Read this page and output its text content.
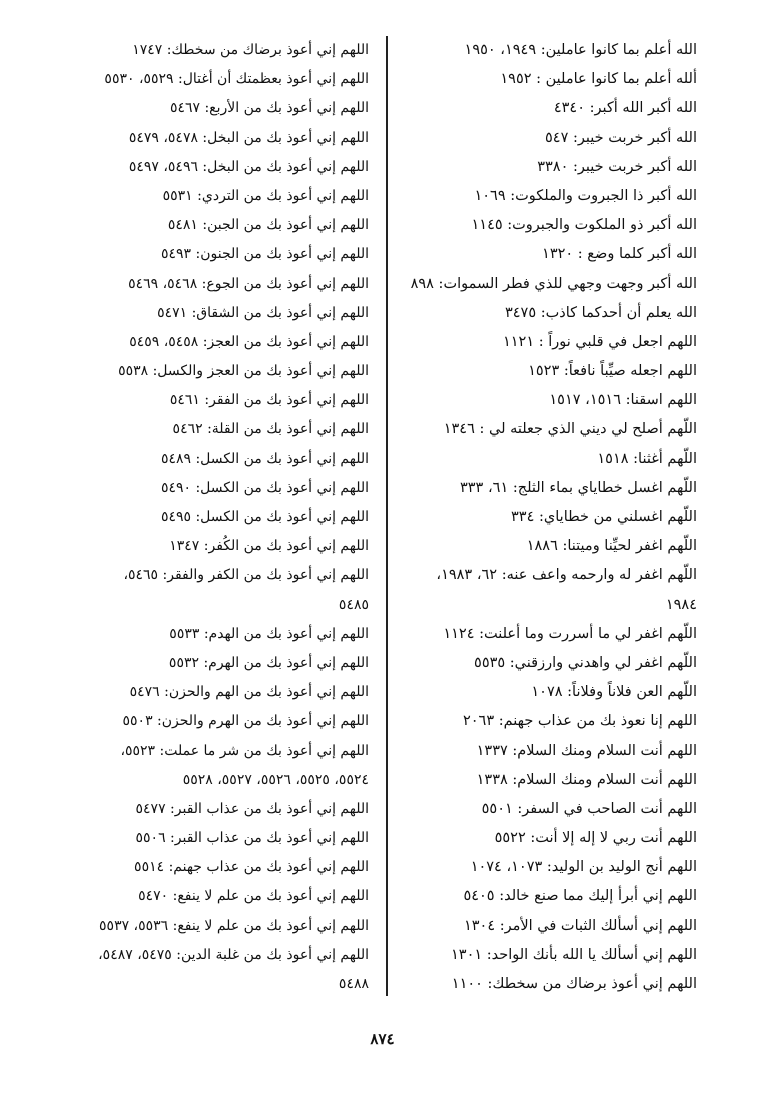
الله أعلم بما كانوا عاملين: ١٩٤٩، ١٩٥٠
ألله أعلم بما كانوا عاملين : ١٩٥٢
الله أكبر الله أكبر: ٤٣٤٠
الله أكبر خربت خيبر: ٥٤٧
الله أكبر خربت خيبر: ٣٣٨٠
الله أكبر ذا الجبروت والملكوت: ١٠٦٩
الله أكبر ذو الملكوت والجبروت: ١١٤٥
الله أكبر كلما وضع : ١٣٢٠
الله أكبر وجهت وجهي للذي فطر السموات: ٨٩٨
الله يعلم أن أحدكما كاذب: ٣٤٧٥
اللهم اجعل في قلبي نوراً : ١١٢١
اللهم اجعله صيِّباً نافعاً: ١٥٢٣
اللهم اسقنا: ١٥١٦، ١٥١٧
اللّهم أصلح لي ديني الذي جعلته لي : ١٣٤٦
اللّهم أغثنا: ١٥١٨
اللّهم اغسل خطاياي بماء الثلج: ٦١، ٣٣٣
اللّهم اغسلني من خطاياي: ٣٣٤
اللّهم اغفر لحيِّنا وميتنا: ١٨٨٦
اللّهم اغفر له وارحمه واعف عنه: ٦٢، ١٩٨٣،
١٩٨٤
اللّهم اغفر لي ما أسررت وما أعلنت: ١١٢٤
اللّهم اغفر لي واهدني وارزقني: ٥٥٣٥
اللّهم العن فلاناً وفلاناً: ١٠٧٨
اللهم إنا نعوذ بك من عذاب جهنم: ٢٠٦٣
اللهم أنت السلام ومنك السلام: ١٣٣٧
اللهم أنت السلام ومنك السلام: ١٣٣٨
اللهم أنت الصاحب في السفر: ٥٥٠١
اللهم أنت ربي لا إله إلا أنت: ٥٥٢٢
اللهم أنج الوليد بن الوليد: ١٠٧٣، ١٠٧٤
اللهم إني أبرأ إليك مما صنع خالد: ٥٤٠٥
اللهم إني أسألك الثبات في الأمر: ١٣٠٤
اللهم إني أسألك يا الله بأنك الواحد: ١٣٠١
اللهم إني أعوذ برضاك من سخطك: ١١٠٠
اللهم إني أعوذ برضاك من سخطك: ١٧٤٧
اللهم إني أعوذ بعظمتك أن أغتال: ٥٥٢٩، ٥٥٣٠
اللهم إني أعوذ بك من الأربع: ٥٤٦٧
اللهم إني أعوذ بك من البخل: ٥٤٧٨، ٥٤٧٩
اللهم إني أعوذ بك من البخل: ٥٤٩٦، ٥٤٩٧
اللهم إني أعوذ بك من التردي: ٥٥٣١
اللهم إني أعوذ بك من الجبن: ٥٤٨١
اللهم إني أعوذ بك من الجنون: ٥٤٩٣
اللهم إني أعوذ بك من الجوع: ٥٤٦٨، ٥٤٦٩
اللهم إني أعوذ بك من الشقاق: ٥٤٧١
اللهم إني أعوذ بك من العجز: ٥٤٥٨، ٥٤٥٩
اللهم إني أعوذ بك من العجز والكسل: ٥٥٣٨
اللهم إني أعوذ بك من الفقر: ٥٤٦١
اللهم إني أعوذ بك من القلة: ٥٤٦٢
اللهم إني أعوذ بك من الكسل: ٥٤٨٩
اللهم إني أعوذ بك من الكسل: ٥٤٩٠
اللهم إني أعوذ بك من الكسل: ٥٤٩٥
اللهم إني أعوذ بك من الكُفر: ١٣٤٧
اللهم إني أعوذ بك من الكفر والفقر: ٥٤٦٥،
٥٤٨٥
اللهم إني أعوذ بك من الهدم: ٥٥٣٣
اللهم إني أعوذ بك من الهرم: ٥٥٣٢
اللهم إني أعوذ بك من الهم والحزن: ٥٤٧٦
اللهم إني أعوذ بك من الهرم والحزن: ٥٥٠٣
اللهم إني أعوذ بك من شر ما عملت: ٥٥٢٣،
٥٥٢٤، ٥٥٢٥، ٥٥٢٦، ٥٥٢٧، ٥٥٢٨
اللهم إني أعوذ بك من عذاب القبر: ٥٤٧٧
اللهم إني أعوذ بك من عذاب القبر: ٥٥٠٦
اللهم إني أعوذ بك من عذاب جهنم: ٥٥١٤
اللهم إني أعوذ بك من علم لا ينفع: ٥٤٧٠
اللهم إني أعوذ بك من علم لا ينفع: ٥٥٣٦، ٥٥٣٧
اللهم إني أعوذ بك من غلبة الدين: ٥٤٧٥، ٥٤٨٧،
٥٤٨٨
٨٧٤
